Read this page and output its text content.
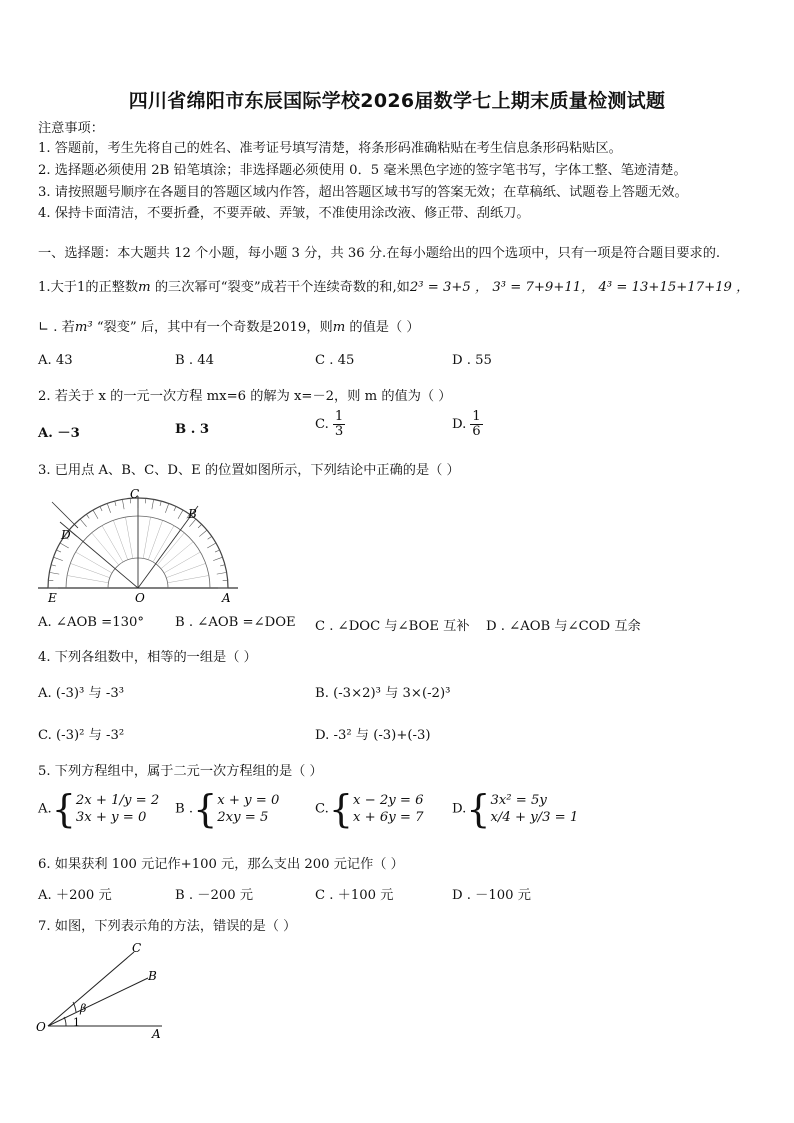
四川省绵阳市东辰国际学校2026届数学七上期末质量检测试题
注意事项：
1. 答题前，考生先将自己的姓名、准考证号填写清楚，将条形码准确粘贴在考生信息条形码粘贴区。
2. 选择题必须使用 2B 铅笔填涂；非选择题必须使用 0．5 毫米黑色字迹的签字笔书写，字体工整、笔迹清楚。
3. 请按照题号顺序在各题目的答题区域内作答，超出答题区域书写的答案无效；在草稿纸、试题卷上答题无效。
4. 保持卡面清洁，不要折叠，不要弄破、弄皱，不准使用涂改液、修正带、刮纸刀。
一、选择题：本大题共 12 个小题，每小题 3 分，共 36 分.在每小题给出的四个选项中，只有一项是符合题目要求的.
1.大于1的正整数m 的三次幂可“裂变”成若干个连续奇数的和,如2³ = 3+5 ， 3³ = 7+9+11， 4³ = 13+15+17+19 ，
∟ . 若m³ “裂变” 后，其中有一个奇数是2019，则m 的值是（ ）
A. 43	B . 44	C . 45	D . 55
2. 若关于 x 的一元一次方程 mx=6 的解为 x=－2，则 m 的值为（ ）
A. －3	B . 3	C. $\frac{1}{3}$	D. $\frac{1}{6}$
3. 已用点 A、B、C、D、E 的位置如图所示，下列结论中正确的是（ ）
C
B
D
E	O	A
A. ∠AOB =130° B . ∠AOB =∠DOE C . ∠DOC 与∠BOE 互补 D . ∠AOB 与∠COD 互余
4. 下列各组数中，相等的一组是（ ）
A. (-3)³ 与 -3³	B. (-3×2)³ 与 3×(-2)³
C. (-3)² 与 -3²	D. -3² 与 (-3)+(-3)
5. 下列方程组中，属于二元一次方程组的是（ ）
A.{2x + 1/y = 2
3x + y = 0
B .{x + y = 0
2xy = 5
C.{x − 2y = 6
x + 6y = 7
D.{3x² = 5y
x/4 + y/3 = 1
6. 如果获利 100 元记作+100 元，那么支出 200 元记作（ ）
A. ＋200 元	B . －200 元	C . ＋100 元	D . －100 元
7. 如图，下列表示角的方法，错误的是（ ）
O	A
B
C
β
1
